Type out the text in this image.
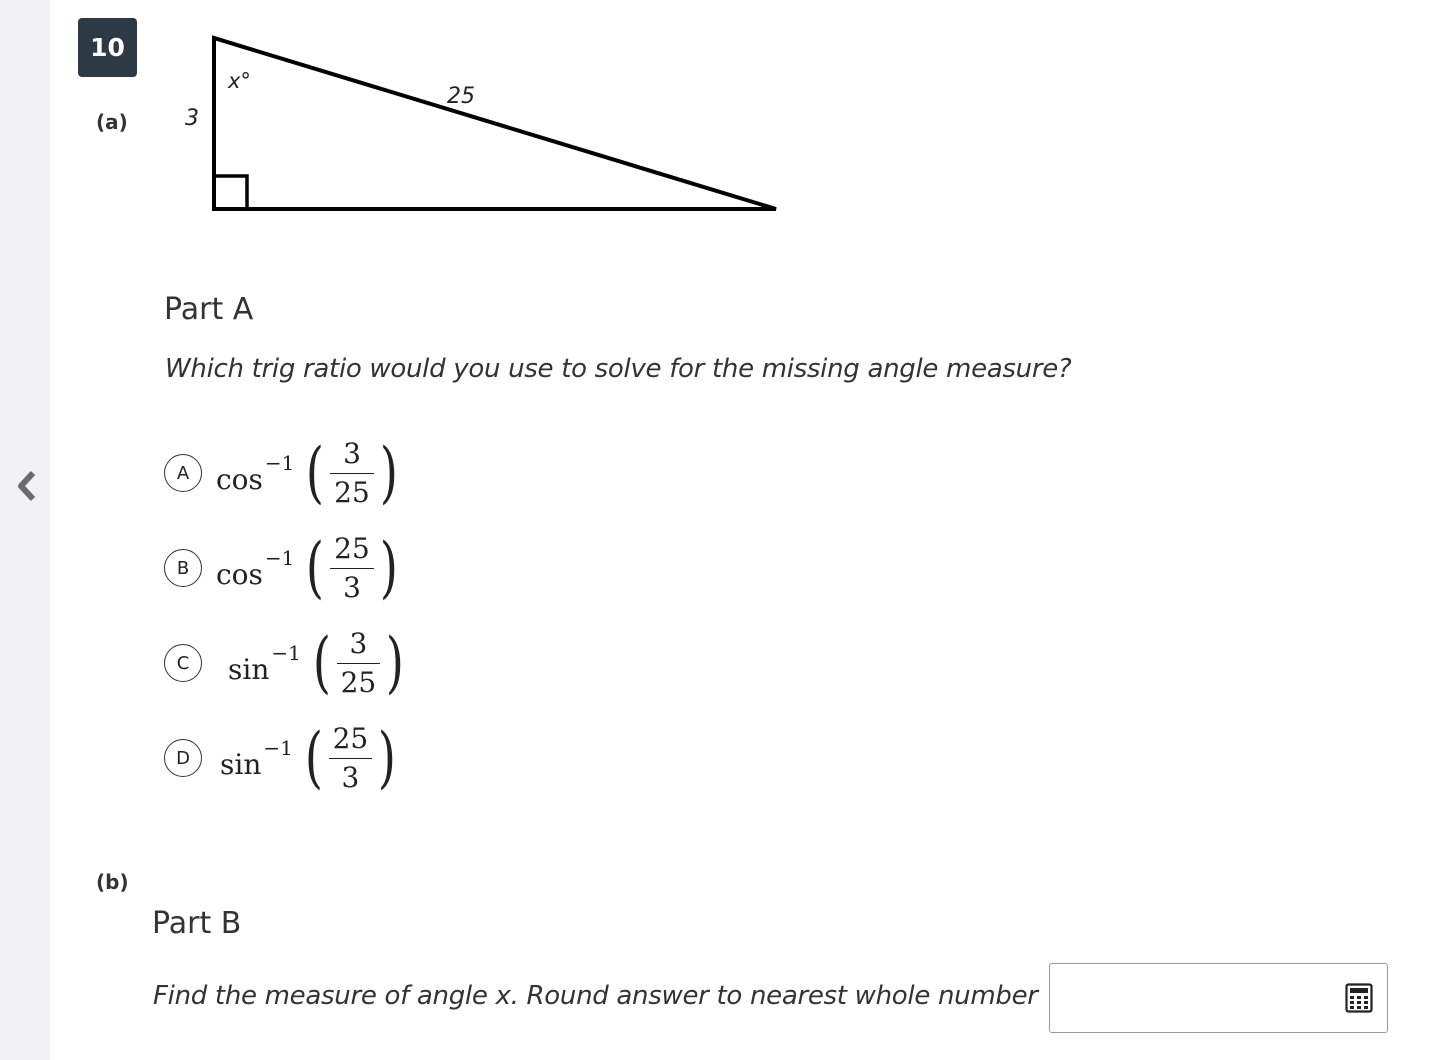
10
(a)
x°
25
3
Part A
Which trig ratio would you use to solve for the missing angle measure?
A cos −1 ( $\frac{3}{25}$ )
B cos −1 ( $\frac{25}{3}$ )
C	sin −1 ( $\frac{3}{25}$ )
D	sin −1 ( $\frac{25}{3}$ )
(b)
Part B
Find the measure of angle x. Round answer to nearest whole number
